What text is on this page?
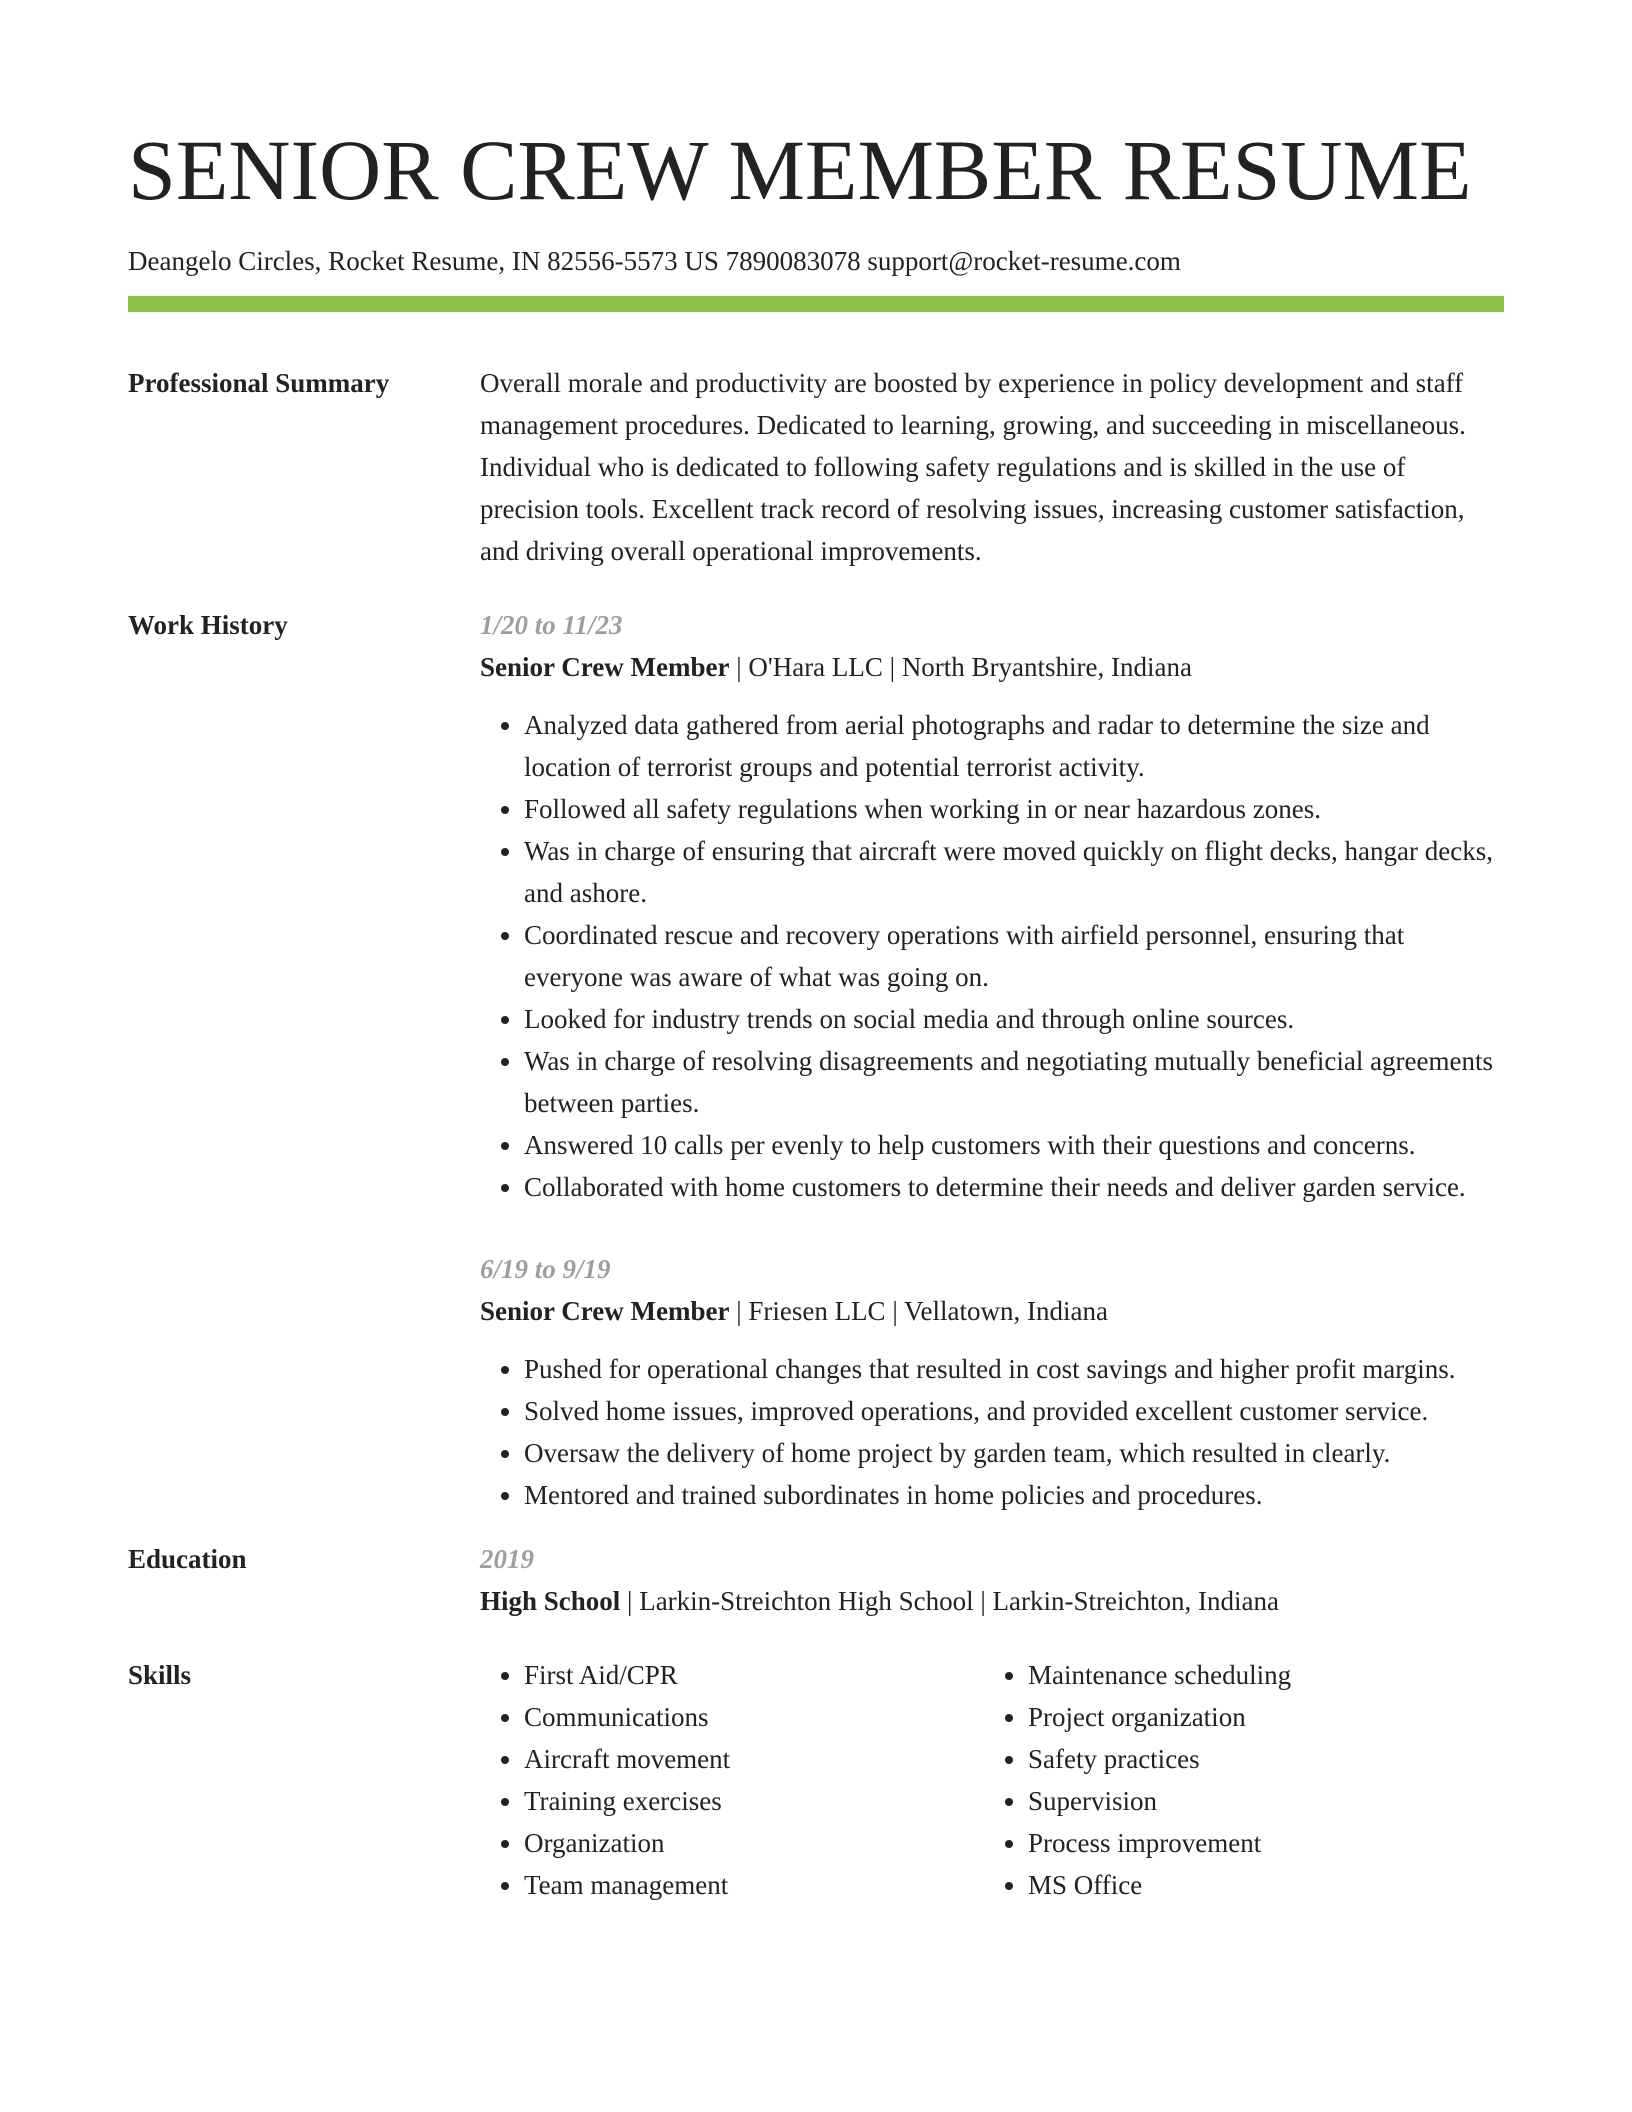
SENIOR CREW MEMBER RESUME
Deangelo Circles, Rocket Resume, IN 82556-5573 US 7890083078 support@rocket-resume.com
Professional Summary	Overall morale and productivity are boosted by experience in policy development and staff management procedures. Dedicated to learning, growing, and succeeding in miscellaneous. Individual who is dedicated to following safety regulations and is skilled in the use of precision tools. Excellent track record of resolving issues, increasing customer satisfaction, and driving overall operational improvements.
Work History	1/20 to 11/23
Senior Crew Member | O'Hara LLC | North Bryantshire, Indiana
• Analyzed data gathered from aerial photographs and radar to determine the size and location of terrorist groups and potential terrorist activity.
• Followed all safety regulations when working in or near hazardous zones.
• Was in charge of ensuring that aircraft were moved quickly on flight decks, hangar decks, and ashore.
• Coordinated rescue and recovery operations with airfield personnel, ensuring that everyone was aware of what was going on.
• Looked for industry trends on social media and through online sources.
• Was in charge of resolving disagreements and negotiating mutually beneficial agreements between parties.
• Answered 10 calls per evenly to help customers with their questions and concerns.
• Collaborated with home customers to determine their needs and deliver garden service.
6/19 to 9/19
Senior Crew Member | Friesen LLC | Vellatown, Indiana
• Pushed for operational changes that resulted in cost savings and higher profit margins.
• Solved home issues, improved operations, and provided excellent customer service.
• Oversaw the delivery of home project by garden team, which resulted in clearly.
• Mentored and trained subordinates in home policies and procedures.
Education	2019
High School | Larkin-Streichton High School | Larkin-Streichton, Indiana
Skills
•	First Aid/CPR
• Communications
• Aircraft movement
• Training exercises
• Organization
• Team management
• Maintenance scheduling
• Project organization
• Safety practices
• Supervision
• Process improvement
• MS Office
